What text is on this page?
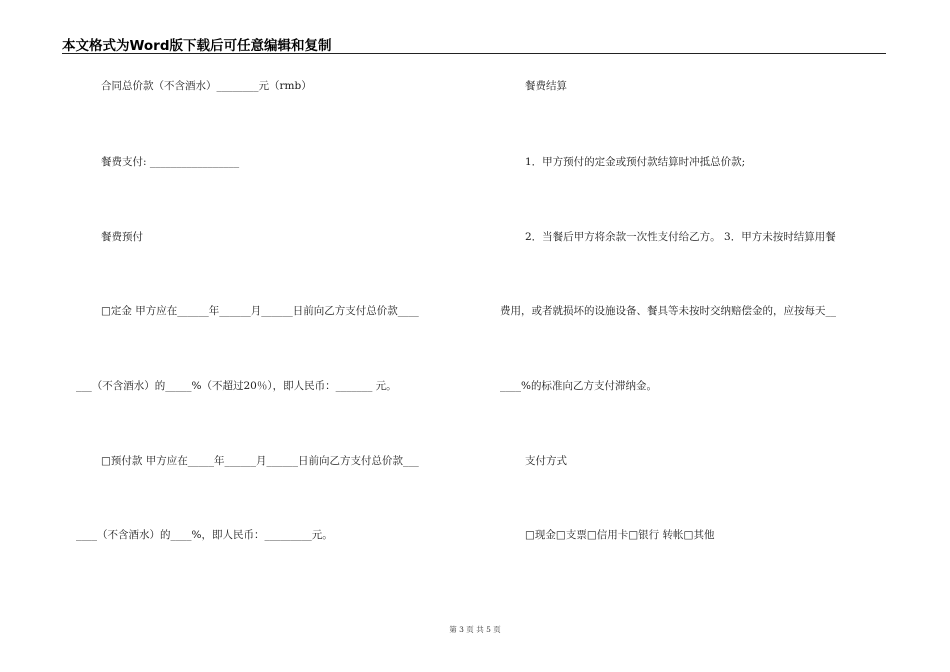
本文格式为Word版下载后可任意编辑和复制
合同总价款（不含酒水）________元（rmb）
餐费支付: _________________
餐费预付
□定金 甲方应在______年______月______日前向乙方支付总价款____
___（不含酒水）的_____%（不超过20％），即人民币：_______ 元。
□预付款 甲方应在_____年______月______日前向乙方支付总价款___
____（不含酒水）的____%，即人民币：_________元。
餐费结算
1．甲方预付的定金或预付款结算时冲抵总价款;
2．当餐后甲方将余款一次性支付给乙方。 3．甲方未按时结算用餐
费用，或者就损坏的设施设备、餐具等未按时交纳赔偿金的，应按每天__
____%的标准向乙方支付滞纳金。
支付方式
□现金□支票□信用卡□银行 转帐□其他
第 3 页 共 5 页
